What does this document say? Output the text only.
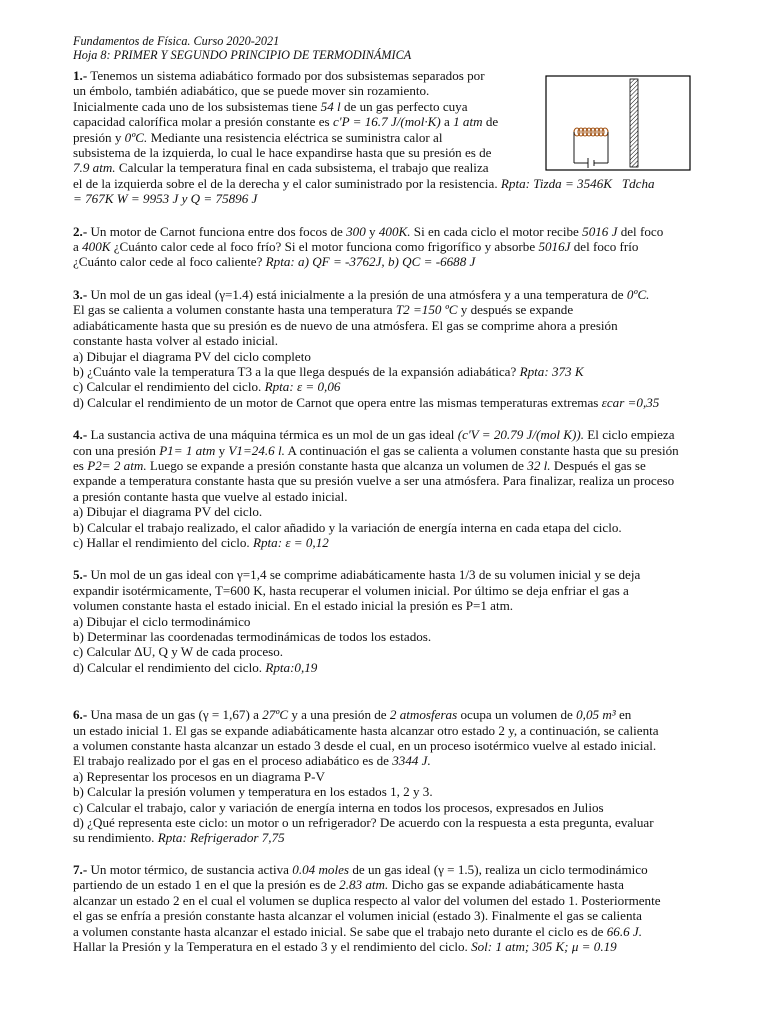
Fundamentos de Física. Curso 2020-2021
Hoja 8: PRIMER Y SEGUNDO PRINCIPIO DE TERMODINÁMICA

1.- Tenemos un sistema adiabático formado por dos subsistemas separados por

un émbolo, también adiabático, que se puede mover sin rozamiento.

Inicialmente cada uno de los subsistemas tiene 54 l de un gas perfecto cuya

capacidad calorífica molar a presión constante es c'P = 16.7 J/(mol·K) a 1 atm de

presión y 0ºC. Mediante una resistencia eléctrica se suministra calor al

subsistema de la izquierda, lo cual le hace expandirse hasta que su presión es de

7.9 atm. Calcular la temperatura final en cada subsistema, el trabajo que realiza

el de la izquierda sobre el de la derecha y el calor suministrado por la resistencia. Rpta: Tizda = 3546K Tdcha

= 767K W = 9953 J y Q = 75896 J

2.- Un motor de Carnot funciona entre dos focos de 300 y 400K. Si en cada ciclo el motor recibe 5016 J del foco

a 400K ¿Cuánto calor cede al foco frío? Si el motor funciona como frigorífico y absorbe 5016J del foco frío

¿Cuánto calor cede al foco caliente? Rpta: a) QF = -3762J, b) QC = -6688 J

3.- Un mol de un gas ideal (γ=1.4) está inicialmente a la presión de una atmósfera y a una temperatura de 0ºC.

El gas se calienta a volumen constante hasta una temperatura T2 =150 ºC y después se expande

adiabáticamente hasta que su presión es de nuevo de una atmósfera. El gas se comprime ahora a presión

constante hasta volver al estado inicial.

a) Dibujar el diagrama PV del ciclo completo

b) ¿Cuánto vale la temperatura T3 a la que llega después de la expansión adiabática? Rpta: 373 K

c) Calcular el rendimiento del ciclo. Rpta: ε = 0,06

d) Calcular el rendimiento de un motor de Carnot que opera entre las mismas temperaturas extremas εcar =0,35

4.- La sustancia activa de una máquina térmica es un mol de un gas ideal (c'V = 20.79 J/(mol K)). El ciclo empieza

con una presión P1= 1 atm y V1=24.6 l. A continuación el gas se calienta a volumen constante hasta que su presión

es P2= 2 atm. Luego se expande a presión constante hasta que alcanza un volumen de 32 l. Después el gas se

expande a temperatura constante hasta que su presión vuelve a ser una atmósfera. Para finalizar, realiza un proceso

a presión contante hasta que vuelve al estado inicial.

a) Dibujar el diagrama PV del ciclo.

b) Calcular el trabajo realizado, el calor añadido y la variación de energía interna en cada etapa del ciclo.

c) Hallar el rendimiento del ciclo. Rpta: ε = 0,12

5.- Un mol de un gas ideal con γ=1,4 se comprime adiabáticamente hasta 1/3 de su volumen inicial y se deja

expandir isotérmicamente, T=600 K, hasta recuperar el volumen inicial. Por último se deja enfriar el gas a

volumen constante hasta el estado inicial. En el estado inicial la presión es P=1 atm.

a) Dibujar el ciclo termodinámico

b) Determinar las coordenadas termodinámicas de todos los estados.

c) Calcular ΔU, Q y W de cada proceso.

d) Calcular el rendimiento del ciclo. Rpta:0,19

6.- Una masa de un gas (γ = 1,67) a 27ºC y a una presión de 2 atmosferas ocupa un volumen de 0,05 m³ en

un estado inicial 1. El gas se expande adiabáticamente hasta alcanzar otro estado 2 y, a continuación, se calienta

a volumen constante hasta alcanzar un estado 3 desde el cual, en un proceso isotérmico vuelve al estado inicial.

El trabajo realizado por el gas en el proceso adiabático es de 3344 J.

a) Representar los procesos en un diagrama P-V

b) Calcular la presión volumen y temperatura en los estados 1, 2 y 3.

c) Calcular el trabajo, calor y variación de energía interna en todos los procesos, expresados en Julios

d) ¿Qué representa este ciclo: un motor o un refrigerador? De acuerdo con la respuesta a esta pregunta, evaluar

su rendimiento. Rpta: Refrigerador 7,75

7.- Un motor térmico, de sustancia activa 0.04 moles de un gas ideal (γ = 1.5), realiza un ciclo termodinámico

partiendo de un estado 1 en el que la presión es de 2.83 atm. Dicho gas se expande adiabáticamente hasta

alcanzar un estado 2 en el cual el volumen se duplica respecto al valor del volumen del estado 1. Posteriormente

el gas se enfría a presión constante hasta alcanzar el volumen inicial (estado 3). Finalmente el gas se calienta

a volumen constante hasta alcanzar el estado inicial. Se sabe que el trabajo neto durante el ciclo es de 66.6 J.

Hallar la Presión y la Temperatura en el estado 3 y el rendimiento del ciclo. Sol: 1 atm; 305 K; μ = 0.19
